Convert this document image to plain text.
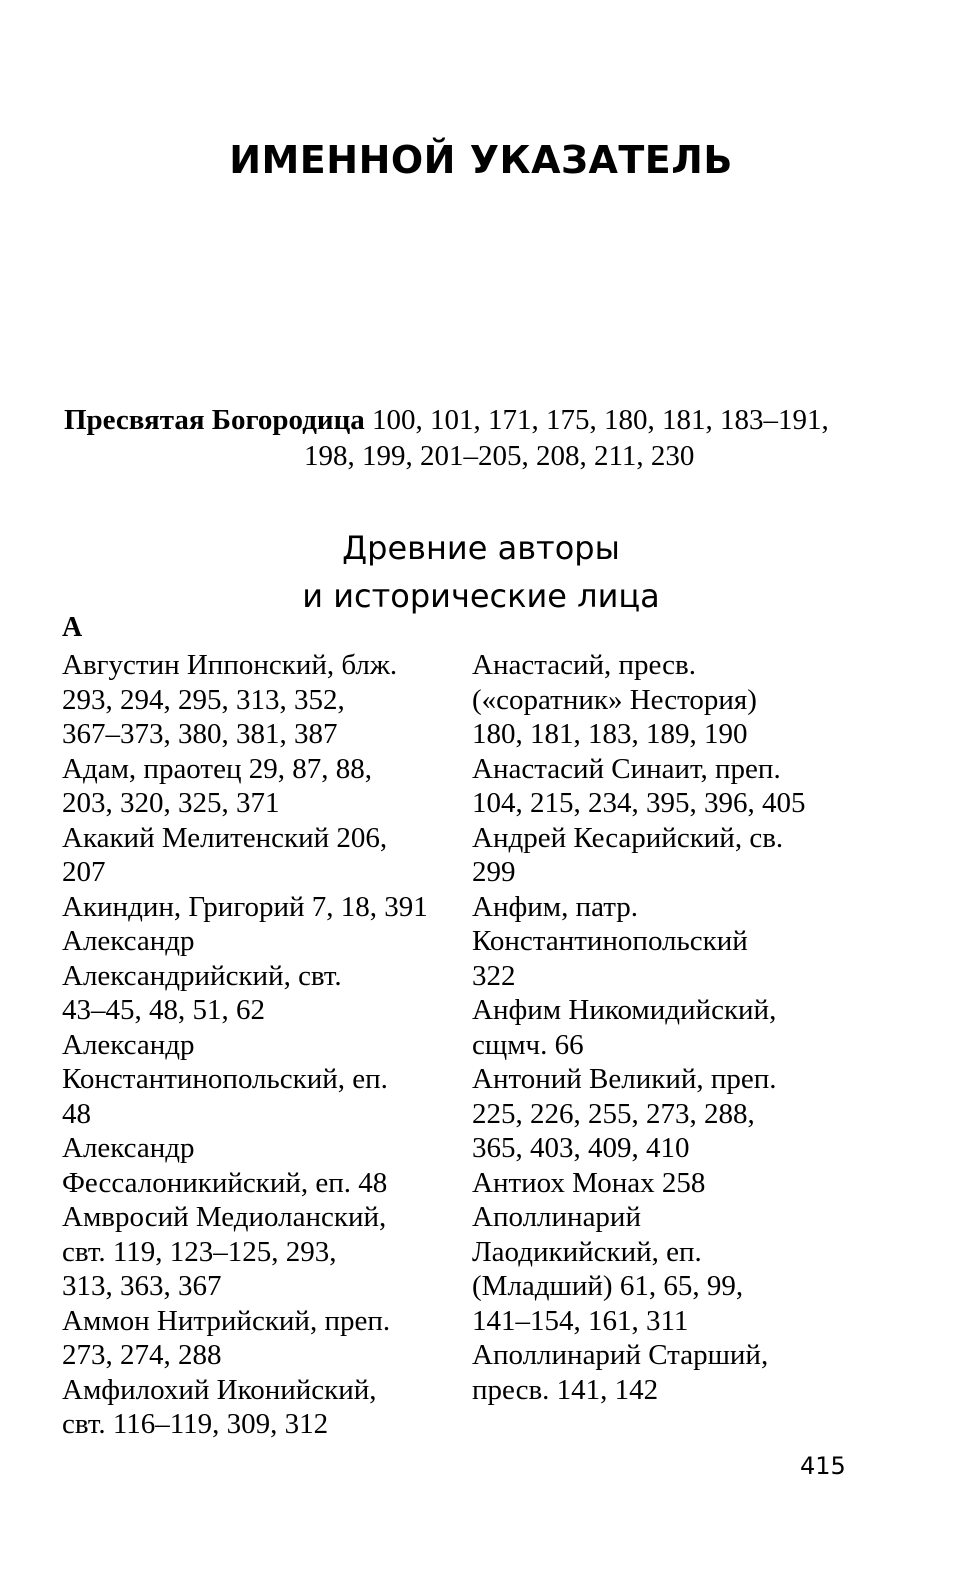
ИМЕННОЙ УКАЗАТЕЛЬ
Пресвятая Богородица 100, 101, 171, 175, 180, 181, 183–191,
198, 199, 201–205, 208, 211, 230
Древние авторы
и исторические лица
А
Августин Иппонский, блж.
293, 294, 295, 313, 352,
367–373, 380, 381, 387
Адам, праотец 29, 87, 88,
203, 320, 325, 371
Акакий Мелитенский 206,
207
Акиндин, Григорий 7, 18, 391
Александр
Александрийский, свт.
43–45, 48, 51, 62
Александр
Константинопольский, еп.
48
Александр
Фессалоникийский, еп. 48
Амвросий Медиоланский,
свт. 119, 123–125, 293,
313, 363, 367
Аммон Нитрийский, преп.
273, 274, 288
Амфилохий Иконийский,
свт. 116–119, 309, 312
Анастасий, пресв.
(«соратник» Нестория)
180, 181, 183, 189, 190
Анастасий Синаит, преп.
104, 215, 234, 395, 396, 405
Андрей Кесарийский, св.
299
Анфим, патр.
Константинопольский
322
Анфим Никомидийский,
сщмч. 66
Антоний Великий, преп.
225, 226, 255, 273, 288,
365, 403, 409, 410
Антиох Монах 258
Аполлинарий
Лаодикийский, еп.
(Младший) 61, 65, 99,
141–154, 161, 311
Аполлинарий Старший,
пресв. 141, 142
415
